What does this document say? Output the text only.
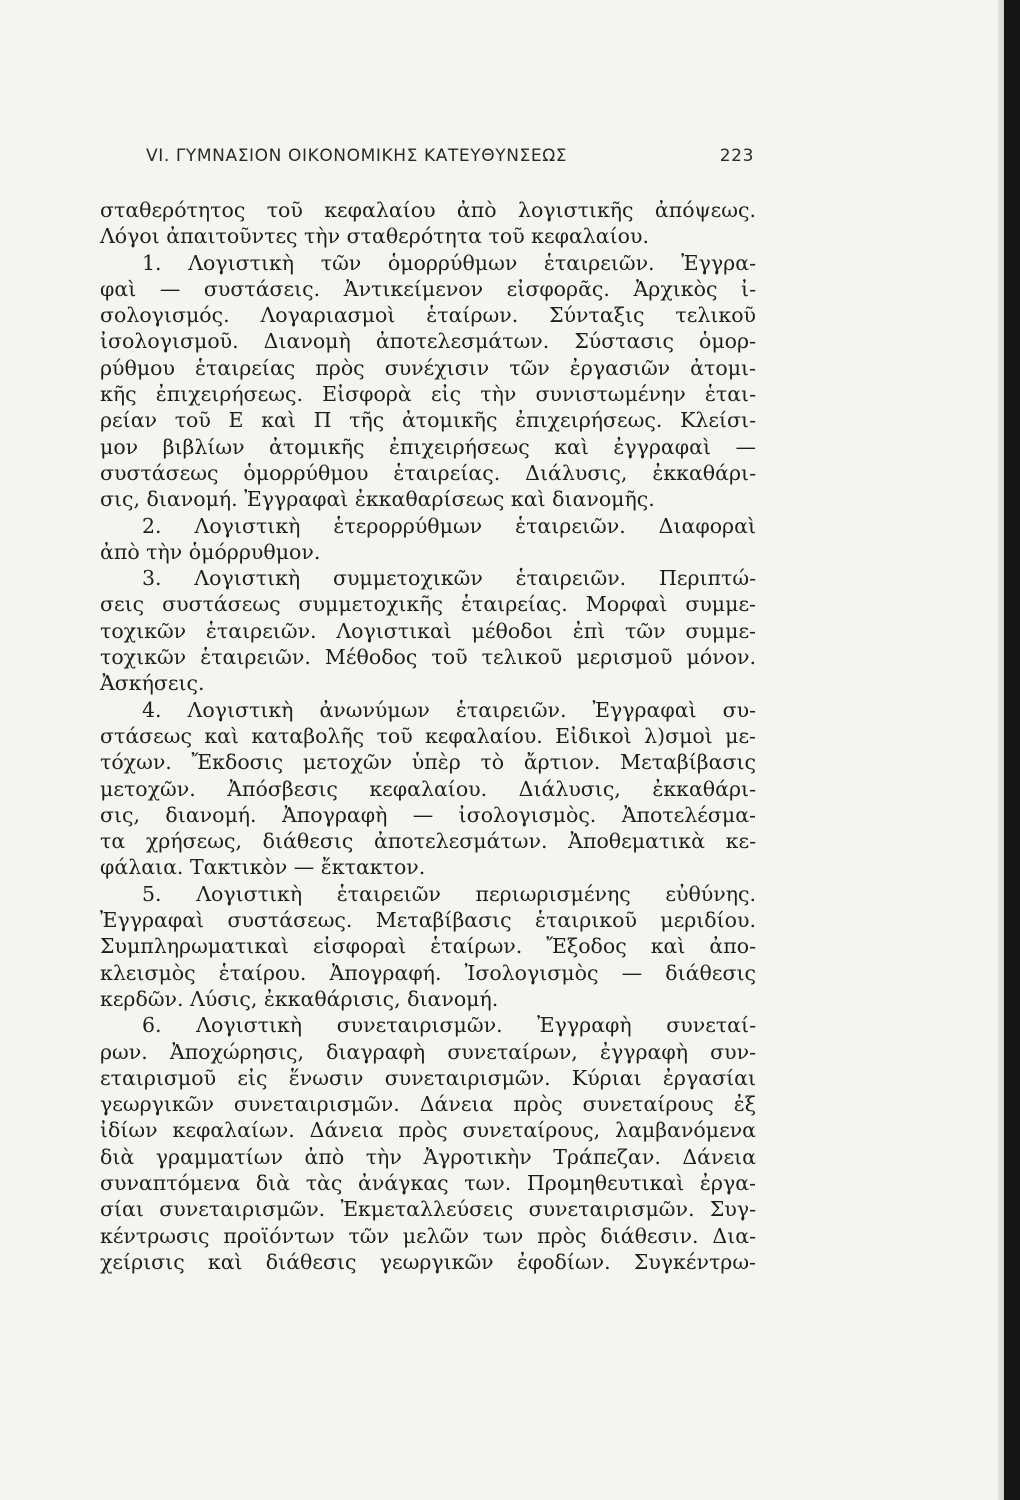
VI. ΓΥΜΝΑΣΙΟΝ ΟΙΚΟΝΟΜΙΚΗΣ ΚΑΤΕΥΘΥΝΣΕΩΣ	223
σταθερότητος τοῦ κεφαλαίου ἀπὸ λογιστικῆς ἀπόψεως.
Λόγοι ἀπαιτοῦντες τὴν σταθερότητα τοῦ κεφαλαίου.
1. Λογιστικὴ τῶν ὁμορρύθμων ἑταιρειῶν. Ἐγγρα-
φαὶ — συστάσεις. Ἀντικείμενον εἰσφορᾶς. Ἀρχικὸς ἰ-
σολογισμός. Λογαριασμοὶ ἑταίρων. Σύνταξις τελικοῦ
ἰσολογισμοῦ. Διανομὴ ἀποτελεσμάτων. Σύστασις ὁμορ-
ρύθμου ἑταιρείας πρὸς συνέχισιν τῶν ἐργασιῶν ἀτομι-
κῆς ἐπιχειρήσεως. Εἰσφορὰ εἰς τὴν συνιστωμένην ἑται-
ρείαν τοῦ Ε καὶ Π τῆς ἀτομικῆς ἐπιχειρήσεως. Κλείσι-
μον βιβλίων ἀτομικῆς ἐπιχειρήσεως καὶ ἐγγραφαὶ —
συστάσεως ὁμορρύθμου ἑταιρείας. Διάλυσις, ἐκκαθάρι-
σις, διανομή. Ἐγγραφαὶ ἐκκαθαρίσεως καὶ διανομῆς.
2. Λογιστικὴ ἑτερορρύθμων ἑταιρειῶν. Διαφοραὶ
ἀπὸ τὴν ὁμόρρυθμον.
3. Λογιστικὴ συμμετοχικῶν ἑταιρειῶν. Περιπτώ-
σεις συστάσεως συμμετοχικῆς ἑταιρείας. Μορφαὶ συμμε-
τοχικῶν ἑταιρειῶν. Λογιστικαὶ μέθοδοι ἐπὶ τῶν συμμε-
τοχικῶν ἑταιρειῶν. Μέθοδος τοῦ τελικοῦ μερισμοῦ μόνον.
Ἀσκήσεις.
4. Λογιστικὴ ἀνωνύμων ἑταιρειῶν. Ἐγγραφαὶ συ-
στάσεως καὶ καταβολῆς τοῦ κεφαλαίου. Εἰδικοὶ λ)σμοὶ με-
τόχων. Ἔκδοσις μετοχῶν ὑπὲρ τὸ ἄρτιον. Μεταβίβασις
μετοχῶν. Ἀπόσβεσις κεφαλαίου. Διάλυσις, ἐκκαθάρι-
σις, διανομή. Ἀπογραφὴ — ἰσολογισμὸς. Ἀποτελέσμα-
τα χρήσεως, διάθεσις ἀποτελεσμάτων. Ἀποθεματικὰ κε-
φάλαια. Τακτικὸν — ἔκτακτον.
5. Λογιστικὴ ἑταιρειῶν περιωρισμένης εὐθύνης.
Ἐγγραφαὶ συστάσεως. Μεταβίβασις ἑταιρικοῦ μεριδίου.
Συμπληρωματικαὶ εἰσφοραὶ ἑταίρων. Ἔξοδος καὶ ἀπο-
κλεισμὸς ἑταίρου. Ἀπογραφή. Ἰσολογισμὸς — διάθεσις
κερδῶν. Λύσις, ἐκκαθάρισις, διανομή.
6. Λογιστικὴ συνεταιρισμῶν. Ἐγγραφὴ συνεταί-
ρων. Ἀποχώρησις, διαγραφὴ συνεταίρων, ἐγγραφὴ συν-
εταιρισμοῦ εἰς ἕνωσιν συνεταιρισμῶν. Κύριαι ἐργασίαι
γεωργικῶν συνεταιρισμῶν. Δάνεια πρὸς συνεταίρους ἐξ
ἰδίων κεφαλαίων. Δάνεια πρὸς συνεταίρους, λαμβανόμενα
διὰ γραμματίων ἀπὸ τὴν Ἀγροτικὴν Τράπεζαν. Δάνεια
συναπτόμενα διὰ τὰς ἀνάγκας των. Προμηθευτικαὶ ἐργα-
σίαι συνεταιρισμῶν. Ἐκμεταλλεύσεις συνεταιρισμῶν. Συγ-
κέντρωσις προϊόντων τῶν μελῶν των πρὸς διάθεσιν. Δια-
χείρισις καὶ διάθεσις γεωργικῶν ἐφοδίων. Συγκέντρω-
